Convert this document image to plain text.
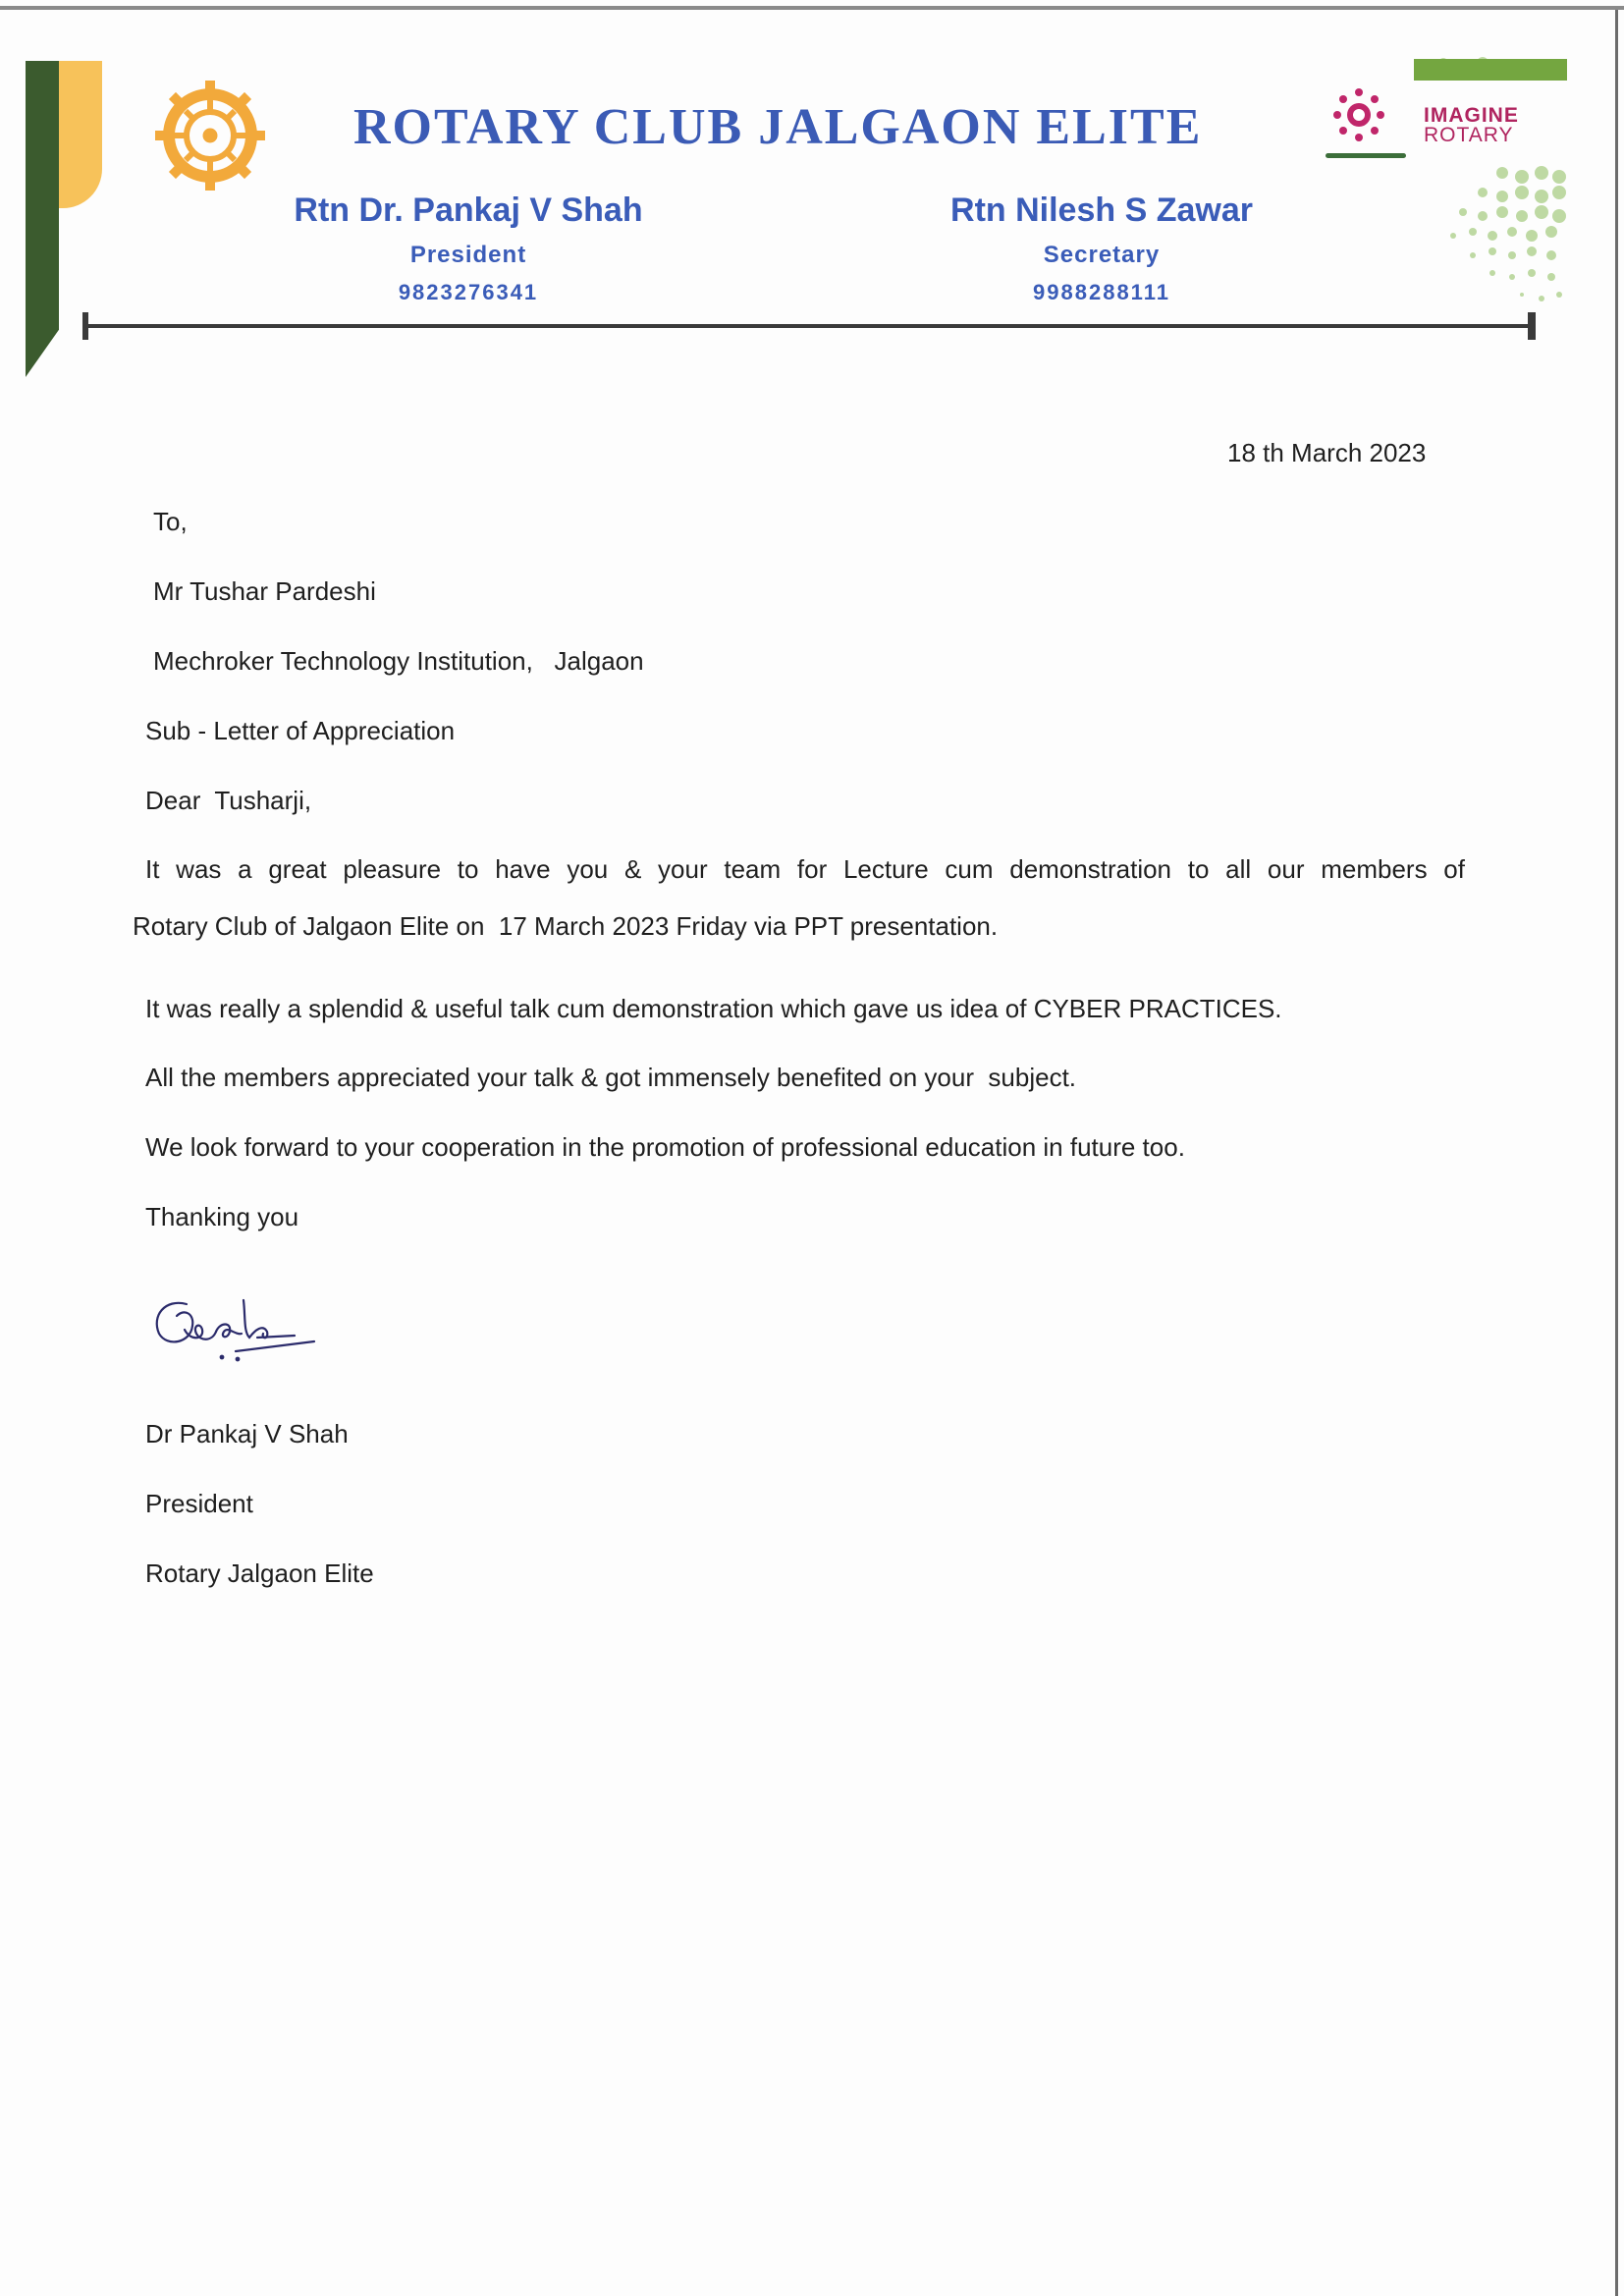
ROTARY CLUB JALGAON ELITE	IMAGINE
ROTARY
Rtn Dr. Pankaj V Shah
President
9823276341
Rtn Nilesh S Zawar
Secretary
9988288111
18 th March 2023
To,
Mr Tushar Pardeshi
Mechroker Technology Institution,   Jalgaon
Sub - Letter of Appreciation
Dear  Tusharji,
It was a great pleasure to have you & your team for Lecture cum demonstration to all our members of
Rotary Club of Jalgaon Elite on  17 March 2023 Friday via PPT presentation.
It was really a splendid & useful talk cum demonstration which gave us idea of CYBER PRACTICES.
All the members appreciated your talk & got immensely benefited on your  subject.
We look forward to your cooperation in the promotion of professional education in future too.
Thanking you
Dr Pankaj V Shah
President
Rotary Jalgaon Elite
